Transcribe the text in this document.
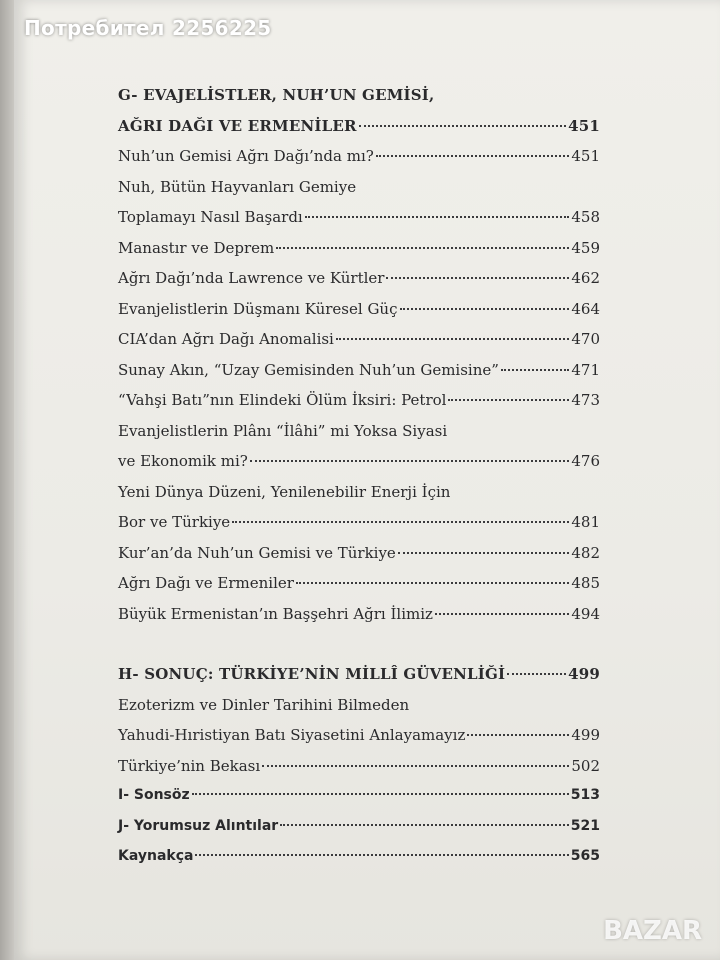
Потребител 2256225
G- EVAJELİSTLER, NUH’UN GEMİSİ,
AĞRI DAĞI VE ERMENİLER	451
Nuh’un Gemisi Ağrı Dağı’nda mı?	451
Nuh, Bütün Hayvanları Gemiye
Toplamayı Nasıl Başardı	458
Manastır ve Deprem	459
Ağrı Dağı’nda Lawrence ve Kürtler	462
Evanjelistlerin Düşmanı Küresel Güç	464
CIA’dan Ağrı Dağı Anomalisi	470
Sunay Akın, “Uzay Gemisinden Nuh’un Gemisine”	471
“Vahşi Batı”nın Elindeki Ölüm İksiri: Petrol	473
Evanjelistlerin Plânı “İlâhi” mi Yoksa Siyasi
ve Ekonomik mi?	476
Yeni Dünya Düzeni, Yenilenebilir Enerji İçin
Bor ve Türkiye	481
Kur’an’da Nuh’un Gemisi ve Türkiye	482
Ağrı Dağı ve Ermeniler	485
Büyük Ermenistan’ın Başşehri Ağrı İlimiz	494
H- SONUÇ: TÜRKİYE’NİN MİLLÎ GÜVENLİĞİ	499
Ezoterizm ve Dinler Tarihini Bilmeden
Yahudi-Hıristiyan Batı Siyasetini Anlayamayız	499
Türkiye’nin Bekası	502
I- Sonsöz	513
J- Yorumsuz Alıntılar	521
Kaynakça	565
BAZAR
